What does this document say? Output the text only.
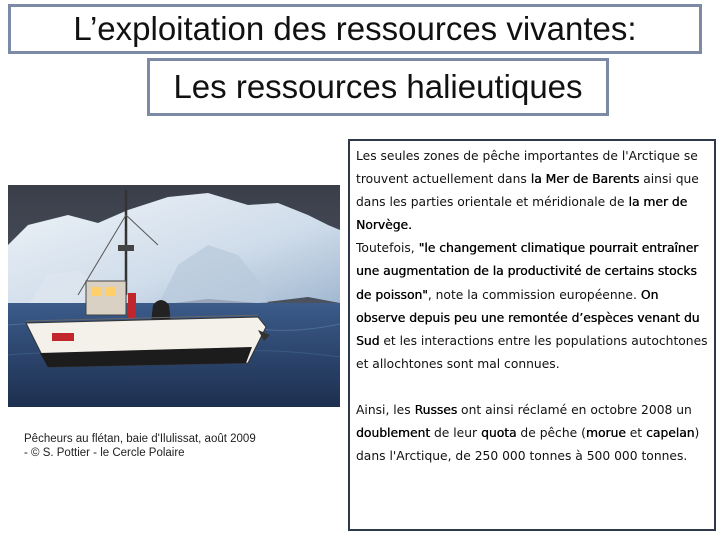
L’exploitation des ressources vivantes:
Les ressources halieutiques
Pêcheurs au flétan, baie d'Ilulissat, août 2009
- © S. Pottier - le Cercle Polaire

Les seules zones de pêche importantes de l'Arctique se trouvent actuellement dans la Mer de Barents ainsi que dans les parties orientale et méridionale de la mer de Norvège.

Toutefois, "le changement climatique pourrait entraîner une augmentation de la productivité de certains stocks de poisson", note la commission européenne. On observe depuis peu une remontée d’espèces venant du Sud et les interactions entre les populations autochtones et allochtones sont mal connues.

Ainsi, les Russes ont ainsi réclamé en octobre 2008 un doublement de leur quota de pêche (morue et capelan) dans l'Arctique, de 250 000 tonnes à 500 000 tonnes.
